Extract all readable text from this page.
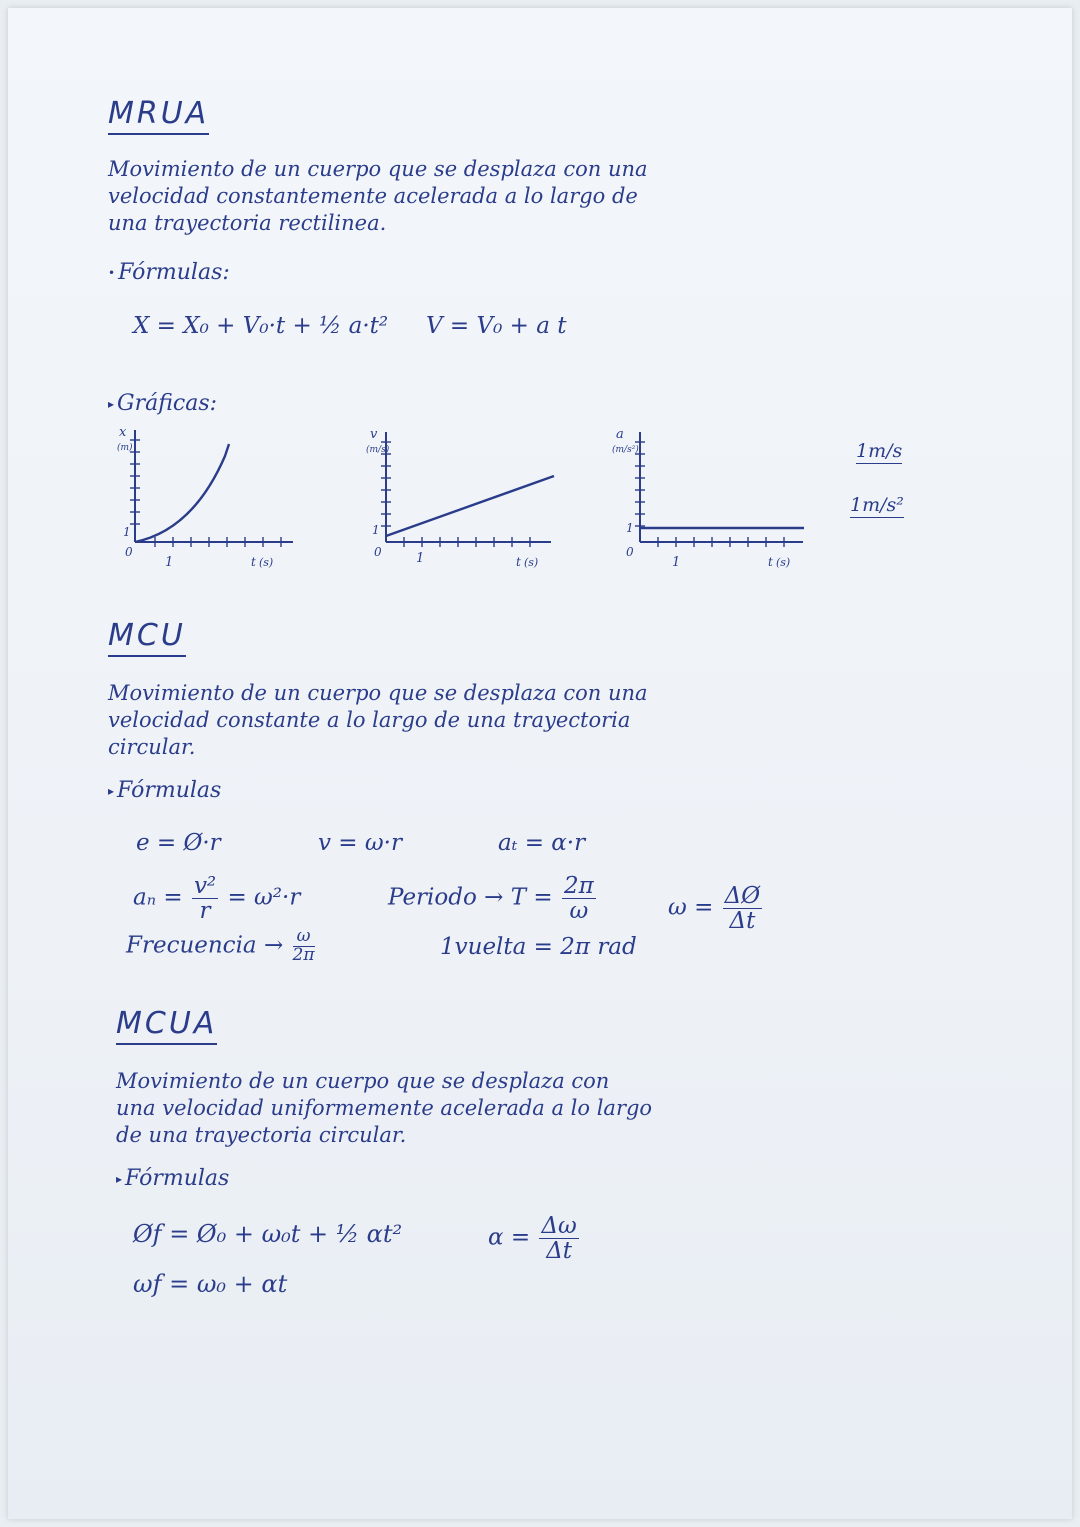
MRUA
Movimiento de un cuerpo que se desplaza con una
velocidad constantemente acelerada a lo largo de
una trayectoria rectilinea.
• Fórmulas:
X = X₀ + V₀·t + ½ a·t² V = V₀ + a t
▸ Gráficas:
x
(m)
1
0
1	t (s)
v
(m/s)
1
0	1	t (s)
a
(m/s²)
1
0
1	t (s)
1m/s
1m/s²
MCU
Movimiento de un cuerpo que se desplaza con una
velocidad constante a lo largo de una trayectoria
circular.
▸ Fórmulas
e = Ø·r	v = ω·r	aₜ = α·r
$a_n = \frac{\text{v²}}{r} = \omega^2\cdot r$	Periodo → $T = \frac{2\pi}{\omega}$	$\omega = \frac{\Delta Ø}{\Delta t}$
Frecuencia → $\frac{\omega}{2\pi}$	1vuelta = 2π rad
MCUA
Movimiento de un cuerpo que se desplaza con
una velocidad uniformemente acelerada a lo largo
de una trayectoria circular.
▸ Fórmulas
Øf = Ø₀ + ω₀t + ½ αt²	$\alpha = \frac{\Delta\omega}{\Delta t}$
ωf = ω₀ + αt
